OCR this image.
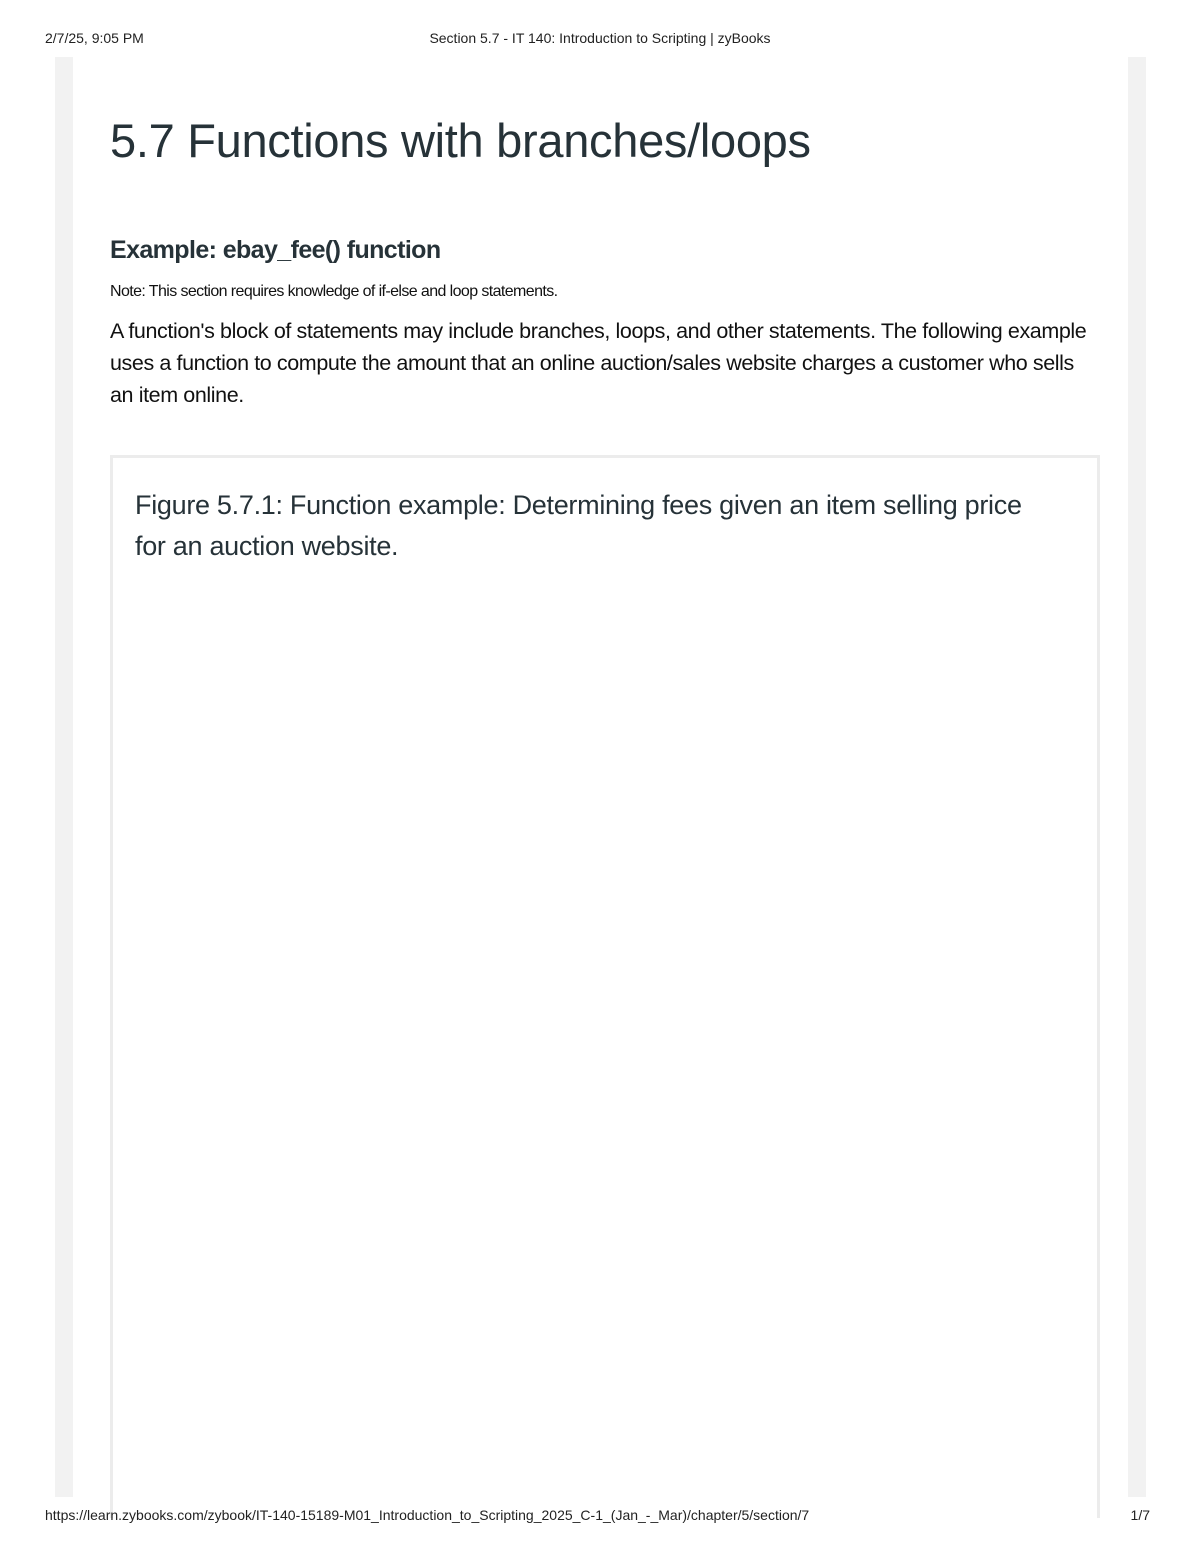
2/7/25, 9:05 PM	Section 5.7 - IT 140: Introduction to Scripting | zyBooks
5.7 Functions with branches/loops
Example: ebay_fee() function

Note: This section requires knowledge of if-else and loop statements.

A function's block of statements may include branches, loops, and other statements. The following example uses a function to compute the amount that an online auction/sales website charges a customer who sells an item online.

Figure 5.7.1: Function example: Determining fees given an item selling price for an auction website.
https://learn.zybooks.com/zybook/IT-140-15189-M01_Introduction_to_Scripting_2025_C-1_(Jan_-_Mar)/chapter/5/section/7	1/7
